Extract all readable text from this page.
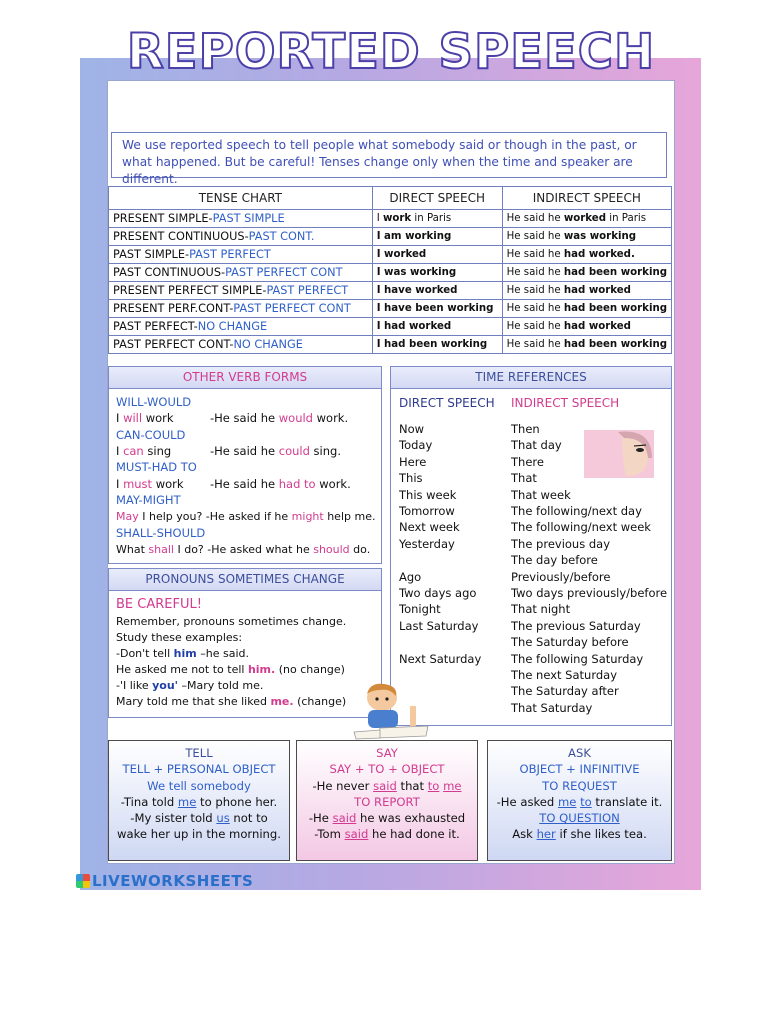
REPORTED SPEECH
We use reported speech to tell people what somebody said or though in the past, or what happened. But be careful! Tenses change only when the time and speaker are different.
TENSE CHART	DIRECT SPEECH	INDIRECT SPEECH
PRESENT SIMPLE-PAST SIMPLE	I work in Paris	He said he worked in Paris
PRESENT CONTINUOUS-PAST CONT.	I am working	He said he was working
PAST SIMPLE-PAST PERFECT	I worked	He said he had worked.
PAST CONTINUOUS-PAST PERFECT CONT	I was working	He said he had been working
PRESENT PERFECT SIMPLE-PAST PERFECT	I have worked	He said he had worked
PRESENT PERF.CONT-PAST PERFECT CONT	I have been working	He said he had been working
PAST PERFECT-NO CHANGE	I had worked	He said he had worked
PAST PERFECT CONT-NO CHANGE	I had been working	He said he had been working
OTHER VERB FORMS
WILL-WOULD
I will work	-He said he would work.
CAN-COULD
I can sing	-He said he could sing.
MUST-HAD TO
I must work -He said he had to work.
MAY-MIGHT
May I help you? -He asked if he might help me.
SHALL-SHOULD
What shall I do? -He asked what he should do.
PRONOUNS SOMETIMES CHANGE
BE CAREFUL!
Remember, pronouns sometimes change.
Study these examples:
-Don't tell him –he said.
He asked me not to tell him. (no change)
-'I like you' –Mary told me.
Mary told me that she liked me. (change)
TIME REFERENCES
DIRECT SPEECH INDIRECT SPEECH
Now	Then
Today	That day
Here	There
This	That
This week	That week
Tomorrow	The following/next day
Next week	The following/next week
Yesterday	The previous day
The day before
Ago	Previously/before
Two days ago	Two days previously/before
Tonight	That night
Last Saturday	The previous Saturday
The Saturday before
Next Saturday	The following Saturday
The next Saturday
The Saturday after
That Saturday
TELL
TELL + PERSONAL OBJECT
We tell somebody
-Tina told me to phone her.
-My sister told us not to
wake her up in the morning.
SAY
SAY + TO + OBJECT
-He never said that to me
TO REPORT
-He said he was exhausted
-Tom said he had done it.
ASK
OBJECT + INFINITIVE
TO REQUEST
-He asked me to translate it.
TO QUESTION
Ask her if she likes tea.
LIVEWORKSHEETS
